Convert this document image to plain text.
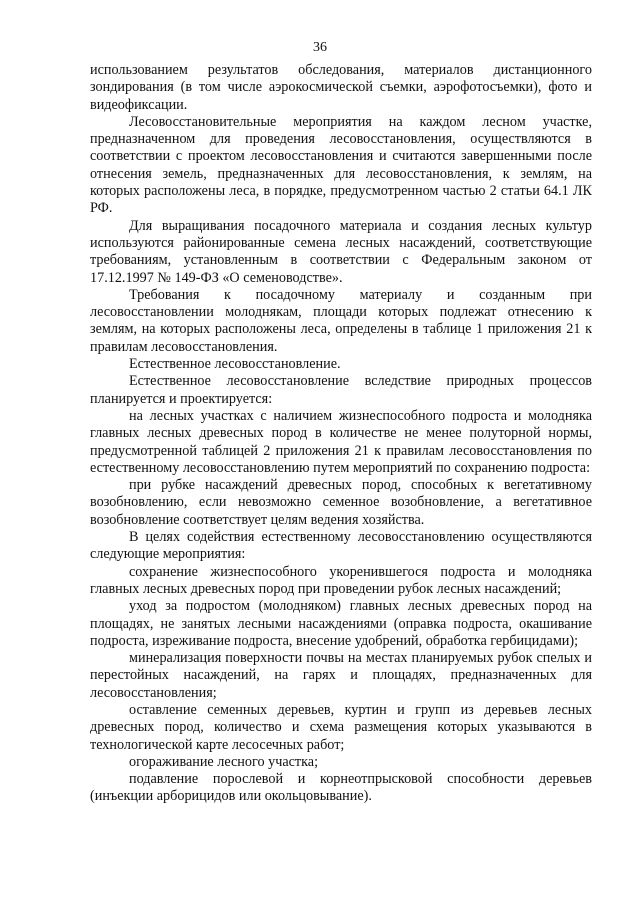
36

использованием результатов обследования, материалов дистанционного зондирования (в том числе аэрокосмической съемки, аэрофотосъемки), фото и видеофиксации.

Лесовосстановительные мероприятия на каждом лесном участке, предназначенном для проведения лесовосстановления, осуществляются в соответствии с проектом лесовосстановления и считаются завершенными после отнесения земель, предназначенных для лесовосстановления, к землям, на которых расположены леса, в порядке, предусмотренном частью 2 статьи 64.1 ЛК РФ.

Для выращивания посадочного материала и создания лесных культур используются районированные семена лесных насаждений, соответствующие требованиям, установленным в соответствии с Федеральным законом от 17.12.1997 № 149-ФЗ «О семеноводстве».

Требования к посадочному материалу и созданным при лесовосстановлении молоднякам, площади которых подлежат отнесению к землям, на которых расположены леса, определены в таблице 1 приложения 21 к правилам лесовосстановления.

Естественное лесовосстановление.

Естественное лесовосстановление вследствие природных процессов планируется и проектируется:

на лесных участках с наличием жизнеспособного подроста и молодняка главных лесных древесных пород в количестве не менее полуторной нормы, предусмотренной таблицей 2 приложения 21 к правилам лесовосстановления по естественному лесовосстановлению путем мероприятий по сохранению подроста:

при рубке насаждений древесных пород, способных к вегетативному возобновлению, если невозможно семенное возобновление, а вегетативное возобновление соответствует целям ведения хозяйства.

В целях содействия естественному лесовосстановлению осуществляются следующие мероприятия:

сохранение жизнеспособного укоренившегося подроста и молодняка главных лесных древесных пород при проведении рубок лесных насаждений;

уход за подростом (молодняком) главных лесных древесных пород на площадях, не занятых лесными насаждениями (оправка подроста, окашивание подроста, изреживание подроста, внесение удобрений, обработка гербицидами);

минерализация поверхности почвы на местах планируемых рубок спелых и перестойных насаждений, на гарях и площадях, предназначенных для лесовосстановления;

оставление семенных деревьев, куртин и групп из деревьев лесных древесных пород, количество и схема размещения которых указываются в технологической карте лесосечных работ;

огораживание лесного участка;

подавление порослевой и корнеотпрысковой способности деревьев (инъекции арборицидов или окольцовывание).
